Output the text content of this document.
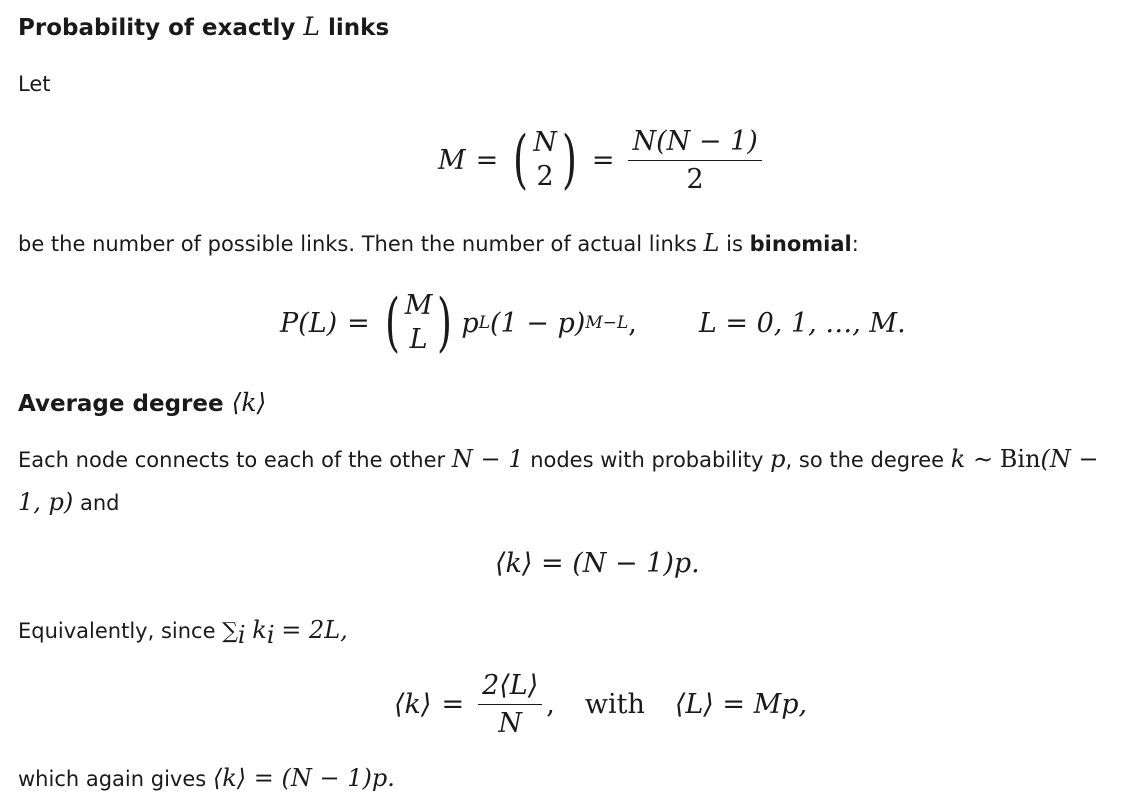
Probability of exactly L links

Let

M = ( N
2 ) = $\frac{N(N - 1)}{2}$

be the number of possible links. Then the number of actual links L is binomial:

P(L) = ( M
L ) p L (1 − p) M−L , L = 0, 1, …, M.
Average degree ⟨k⟩

Each node connects to each of the other N − 1 nodes with probability p, so the degree k ∼ Bin(N −

1, p) and

⟨k⟩ = (N − 1)p.

Equivalently, since $\sum_i$ $k_i = 2L$,

⟨k⟩ = $\frac{2⟨L⟩}{N}$ , with ⟨L⟩ = Mp,

which again gives ⟨k⟩ = (N − 1)p.
